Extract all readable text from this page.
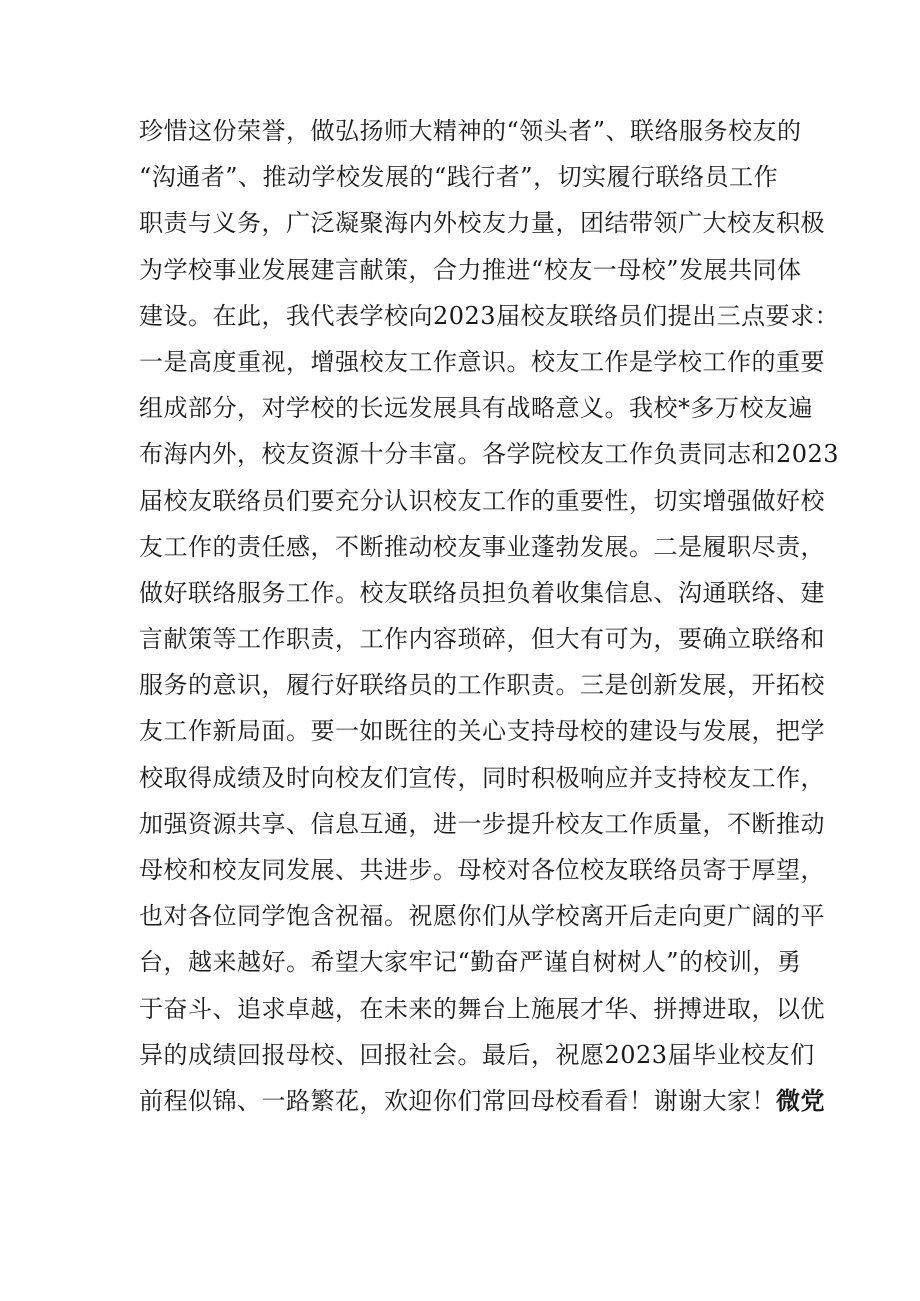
珍惜这份荣誉，做弘扬师大精神的“领头者”、联络服务校友的
“沟通者”、推动学校发展的“践行者”，切实履行联络员工作
职责与义务，广泛凝聚海内外校友力量，团结带领广大校友积极
为学校事业发展建言献策，合力推进“校友一母校”发展共同体
建设。在此，我代表学校向2023届校友联络员们提出三点要求：
一是高度重视，增强校友工作意识。校友工作是学校工作的重要
组成部分，对学校的长远发展具有战略意义。我校*多万校友遍
布海内外，校友资源十分丰富。各学院校友工作负责同志和2023
届校友联络员们要充分认识校友工作的重要性，切实增强做好校
友工作的责任感，不断推动校友事业蓬勃发展。二是履职尽责，
做好联络服务工作。校友联络员担负着收集信息、沟通联络、建
言献策等工作职责，工作内容琐碎，但大有可为，要确立联络和
服务的意识，履行好联络员的工作职责。三是创新发展，开拓校
友工作新局面。要一如既往的关心支持母校的建设与发展，把学
校取得成绩及时向校友们宣传，同时积极响应并支持校友工作，
加强资源共享、信息互通，进一步提升校友工作质量，不断推动
母校和校友同发展、共进步。母校对各位校友联络员寄于厚望，
也对各位同学饱含祝福。祝愿你们从学校离开后走向更广阔的平
台，越来越好。希望大家牢记“勤奋严谨自树树人”的校训，勇
于奋斗、追求卓越，在未来的舞台上施展才华、拼搏进取，以优
异的成绩回报母校、回报社会。最后，祝愿2023届毕业校友们
前程似锦、一路繁花，欢迎你们常回母校看看！谢谢大家！微党
